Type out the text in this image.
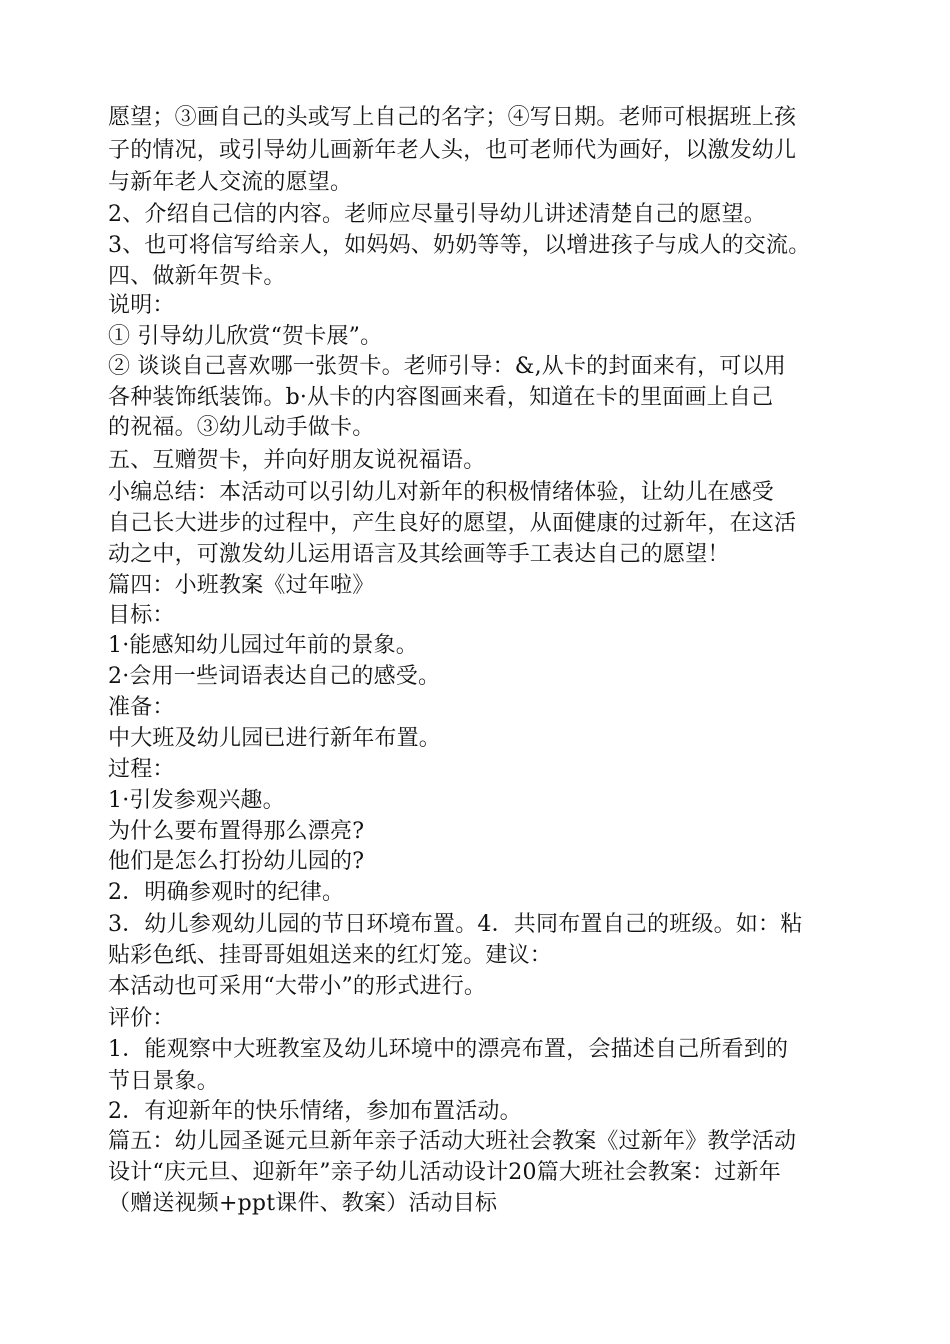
愿望；③画自己的头或写上自己的名字；④写日期。老师可根据班上孩
子的情况，或引导幼儿画新年老人头，也可老师代为画好，以激发幼儿
与新年老人交流的愿望。
2、介绍自己信的内容。老师应尽量引导幼儿讲述清楚自己的愿望。
3、也可将信写给亲人，如妈妈、奶奶等等，以增进孩子与成人的交流。
四、做新年贺卡。
说明：
① 引导幼儿欣赏“贺卡展”。
② 谈谈自己喜欢哪一张贺卡。老师引导：&,从卡的封面来有，可以用
各种装饰纸装饰。b·从卡的内容图画来看，知道在卡的里面画上自己
的祝福。③幼儿动手做卡。
五、互赠贺卡，并向好朋友说祝福语。
小编总结：本活动可以引幼儿对新年的积极情绪体验，让幼儿在感受
自己长大进步的过程中，产生良好的愿望，从面健康的过新年，在这活
动之中，可激发幼儿运用语言及其绘画等手工表达自己的愿望！
篇四：小班教案《过年啦》
目标：
1·能感知幼儿园过年前的景象。
2·会用一些词语表达自己的感受。
准备：
中大班及幼儿园已进行新年布置。
过程：
1·引发参观兴趣。
为什么要布置得那么漂亮?
他们是怎么打扮幼儿园的?
2．明确参观时的纪律。
3．幼儿参观幼儿园的节日环境布置。4．共同布置自己的班级。如：粘
贴彩色纸、挂哥哥姐姐送来的红灯笼。建议：
本活动也可采用“大带小”的形式进行。
评价：
1．能观察中大班教室及幼儿环境中的漂亮布置，会描述自己所看到的
节日景象。
2．有迎新年的快乐情绪，参加布置活动。
篇五：幼儿园圣诞元旦新年亲子活动大班社会教案《过新年》教学活动
设计“庆元旦、迎新年”亲子幼儿活动设计20篇大班社会教案：过新年
（赠送视频+ppt课件、教案）活动目标
